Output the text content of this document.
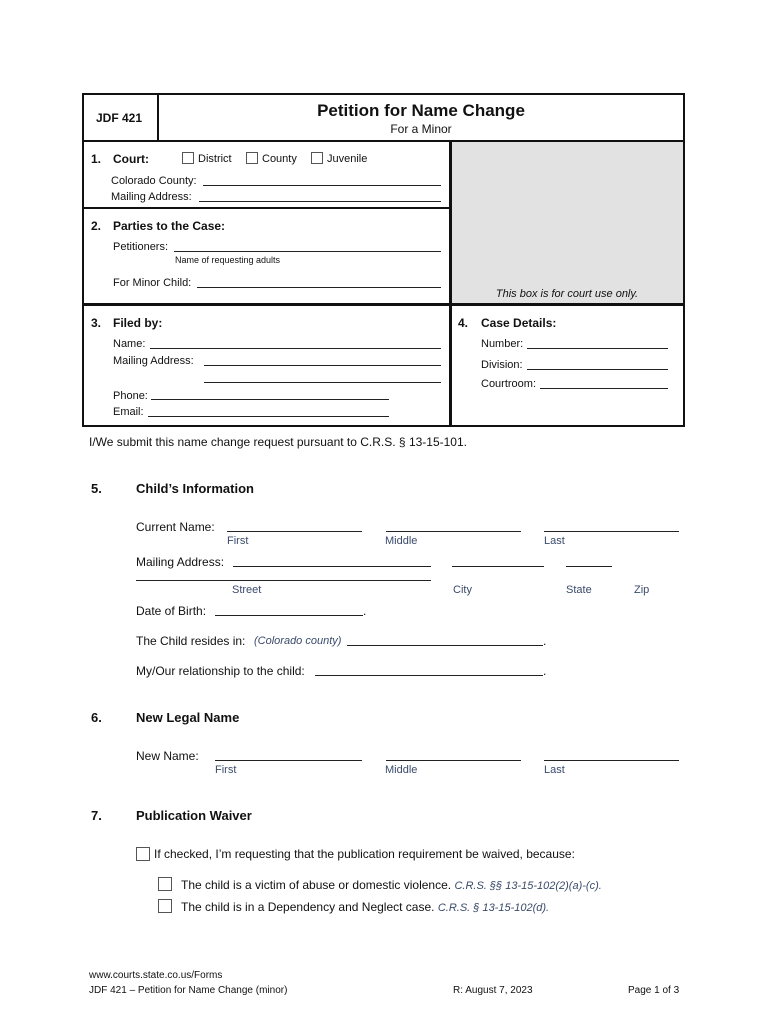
JDF 421	Petition for Name Change
For a Minor
1. Court:	District	County	Juvenile
Colorado County:
Mailing Address:
This box is for court use only.
2. Parties to the Case:
Petitioners:
Name of requesting adults
For Minor Child:
3. Filed by:
Name:
Mailing Address:
Phone:
Email:
4. Case Details:
Number:
Division:
Courtroom:
I/We submit this name change request pursuant to C.R.S. § 13-15-101.
5.	Child’s Information
Current Name:
First	Middle	Last
Mailing Address:
Street	City	State	Zip
Date of Birth:	.
The Child resides in: (Colorado county)	.
My/Our relationship to the child:	.
6.	New Legal Name
New Name:
First	Middle	Last
7.	Publication Waiver
If checked, I’m requesting that the publication requirement be waived, because:
The child is a victim of abuse or domestic violence. C.R.S. §§ 13-15-102(2)(a)-(c).
The child is in a Dependency and Neglect case. C.R.S. § 13-15-102(d).
www.courts.state.co.us/Forms
JDF 421 – Petition for Name Change (minor)	R: August 7, 2023	Page 1 of 3
